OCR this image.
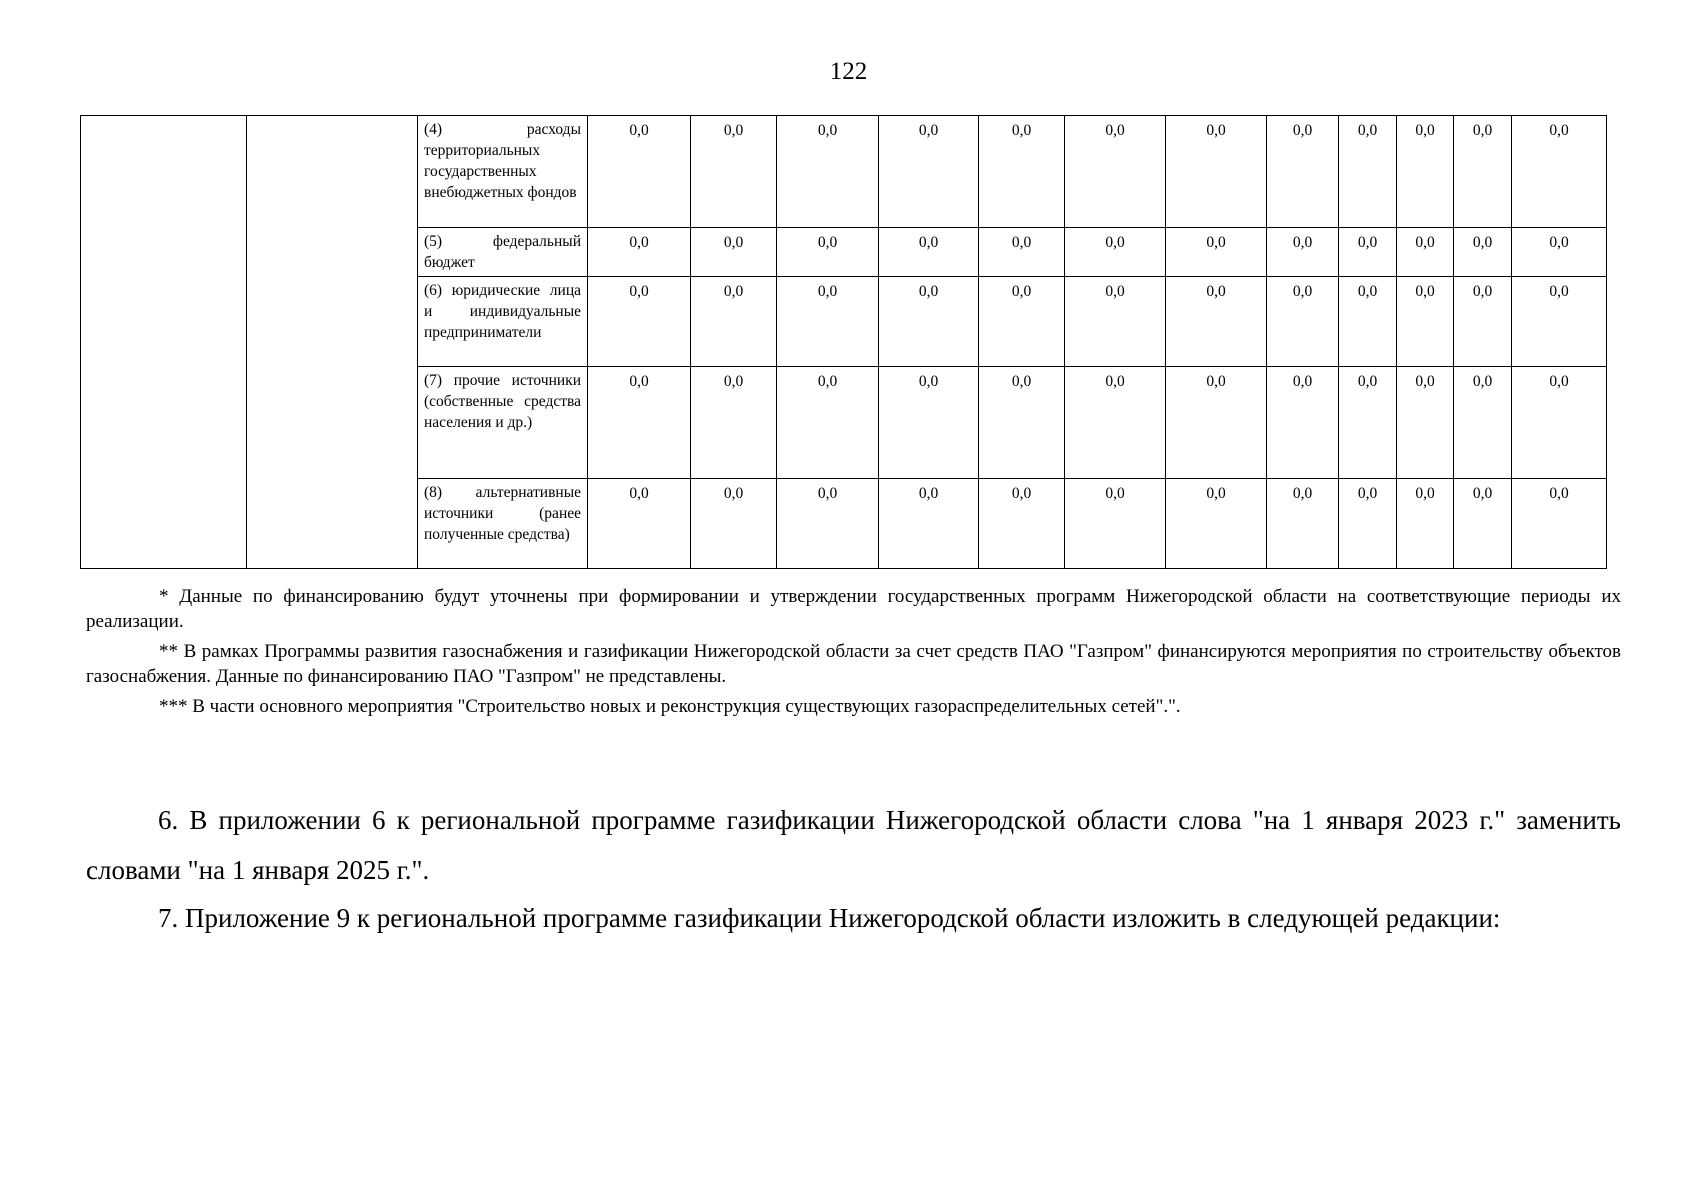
122
		(4) расходы территориальных государственных внебюджетных фондов	0,0	0,0	0,0	0,0	0,0	0,0	0,0	0,0	0,0	0,0	0,0	0,0
		(5) федеральный бюджет	0,0	0,0	0,0	0,0	0,0	0,0	0,0	0,0	0,0	0,0	0,0	0,0
		(6) юридические лица и индивидуальные предприниматели	0,0	0,0	0,0	0,0	0,0	0,0	0,0	0,0	0,0	0,0	0,0	0,0
		(7) прочие источники (собственные средства населения и др.)	0,0	0,0	0,0	0,0	0,0	0,0	0,0	0,0	0,0	0,0	0,0	0,0
		(8) альтернативные источники (ранее полученные средства)	0,0	0,0	0,0	0,0	0,0	0,0	0,0	0,0	0,0	0,0	0,0	0,0

* Данные по финансированию будут уточнены при формировании и утверждении государственных программ Нижегородской области на соответствующие периоды их реализации.

** В рамках Программы развития газоснабжения и газификации Нижегородской области за счет средств ПАО "Газпром" финансируются мероприятия по строительству объектов газоснабжения. Данные по финансированию ПАО "Газпром" не представлены.

*** В части основного мероприятия "Строительство новых и реконструкция существующих газораспределительных сетей".".

6. В приложении 6 к региональной программе газификации Нижегородской области слова "на 1 января 2023 г." заменить словами "на 1 января 2025 г.".

7. Приложение 9 к региональной программе газификации Нижегородской области изложить в следующей редакции:
